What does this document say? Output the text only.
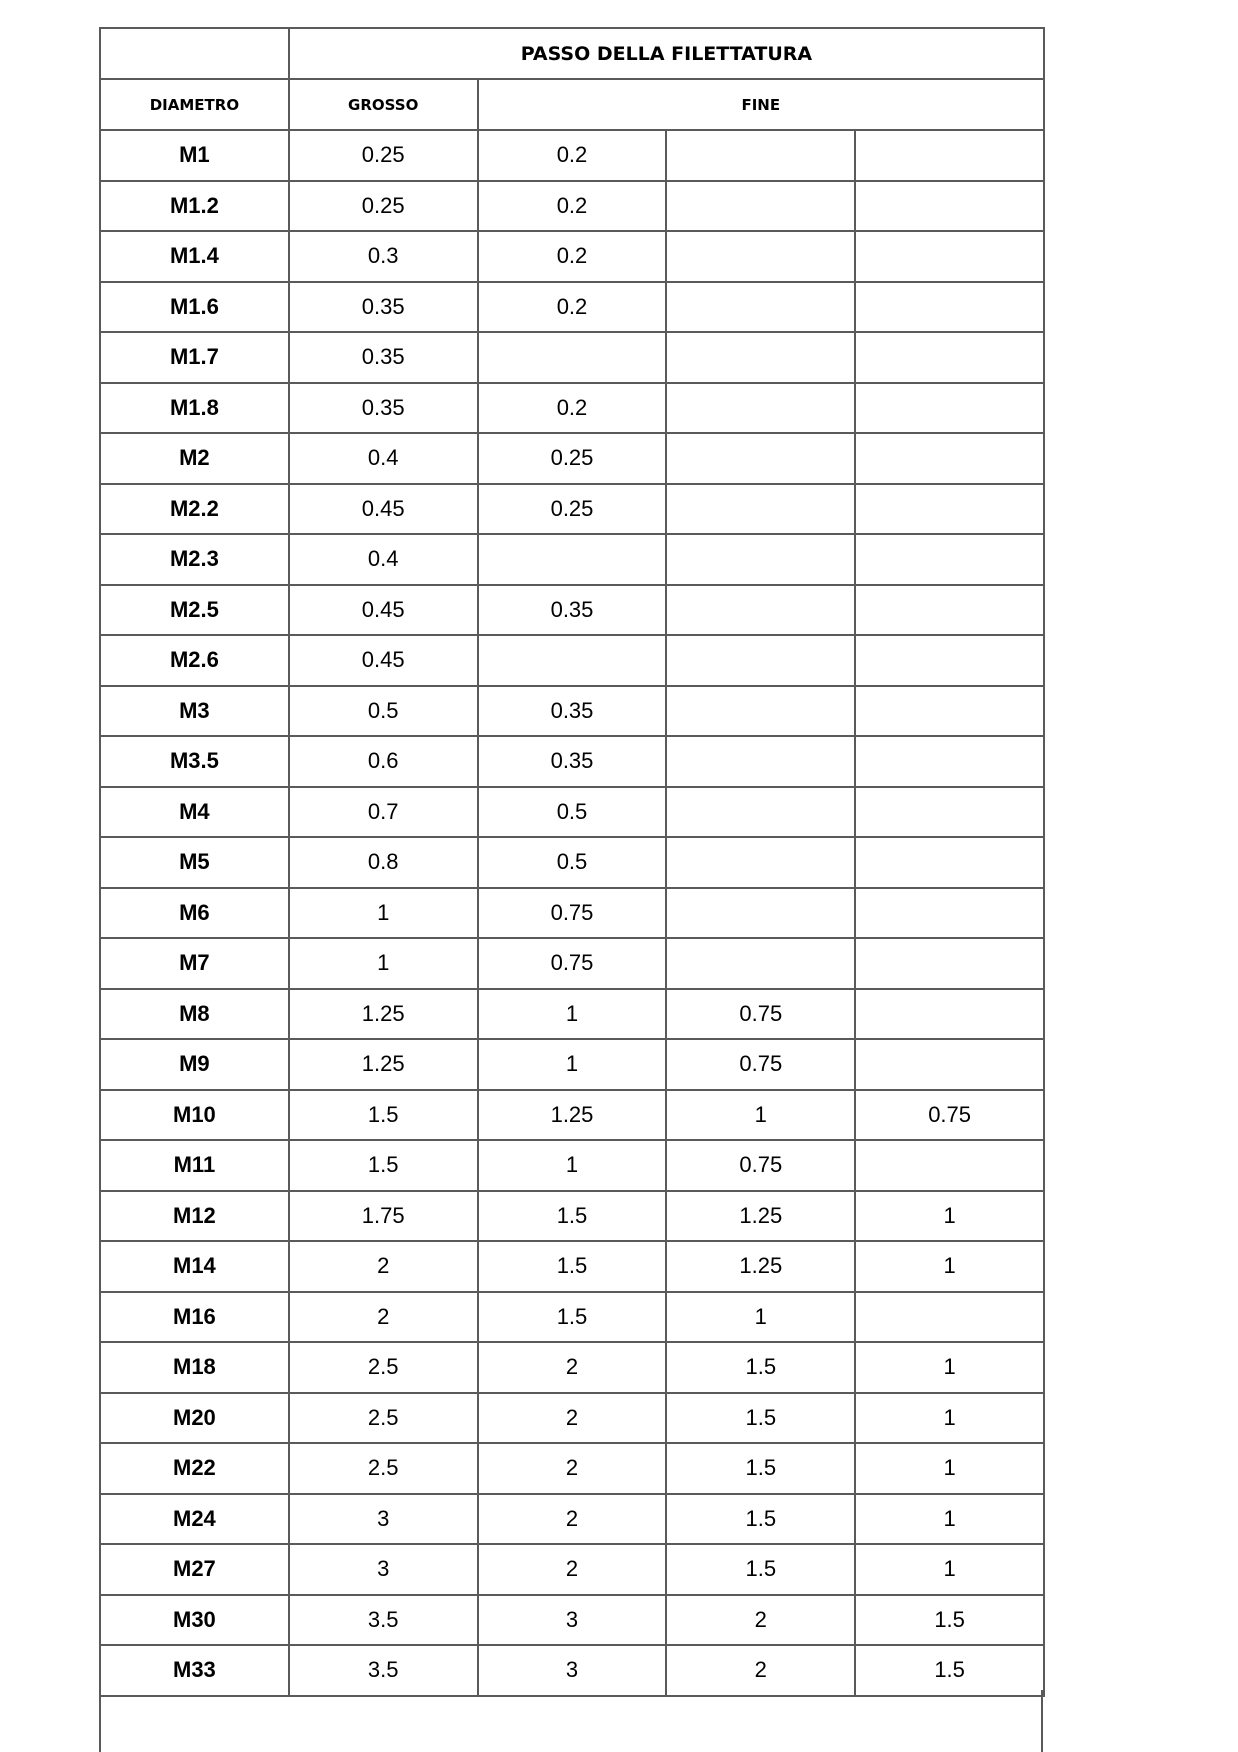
	PASSO DELLA FILETTATURA			
DIAMETRO	GROSSO	FINE		
M1	0.25	0.2		
M1.2	0.25	0.2		
M1.4	0.3	0.2		
M1.6	0.35	0.2		
M1.7	0.35			
M1.8	0.35	0.2		
M2	0.4	0.25		
M2.2	0.45	0.25		
M2.3	0.4			
M2.5	0.45	0.35		
M2.6	0.45			
M3	0.5	0.35		
M3.5	0.6	0.35		
M4	0.7	0.5		
M5	0.8	0.5		
M6	1	0.75		
M7	1	0.75		
M8	1.25	1	0.75	
M9	1.25	1	0.75	
M10	1.5	1.25	1	0.75
M11	1.5	1	0.75	
M12	1.75	1.5	1.25	1
M14	2	1.5	1.25	1
M16	2	1.5	1	
M18	2.5	2	1.5	1
M20	2.5	2	1.5	1
M22	2.5	2	1.5	1
M24	3	2	1.5	1
M27	3	2	1.5	1
M30	3.5	3	2	1.5
M33	3.5	3	2	1.5
